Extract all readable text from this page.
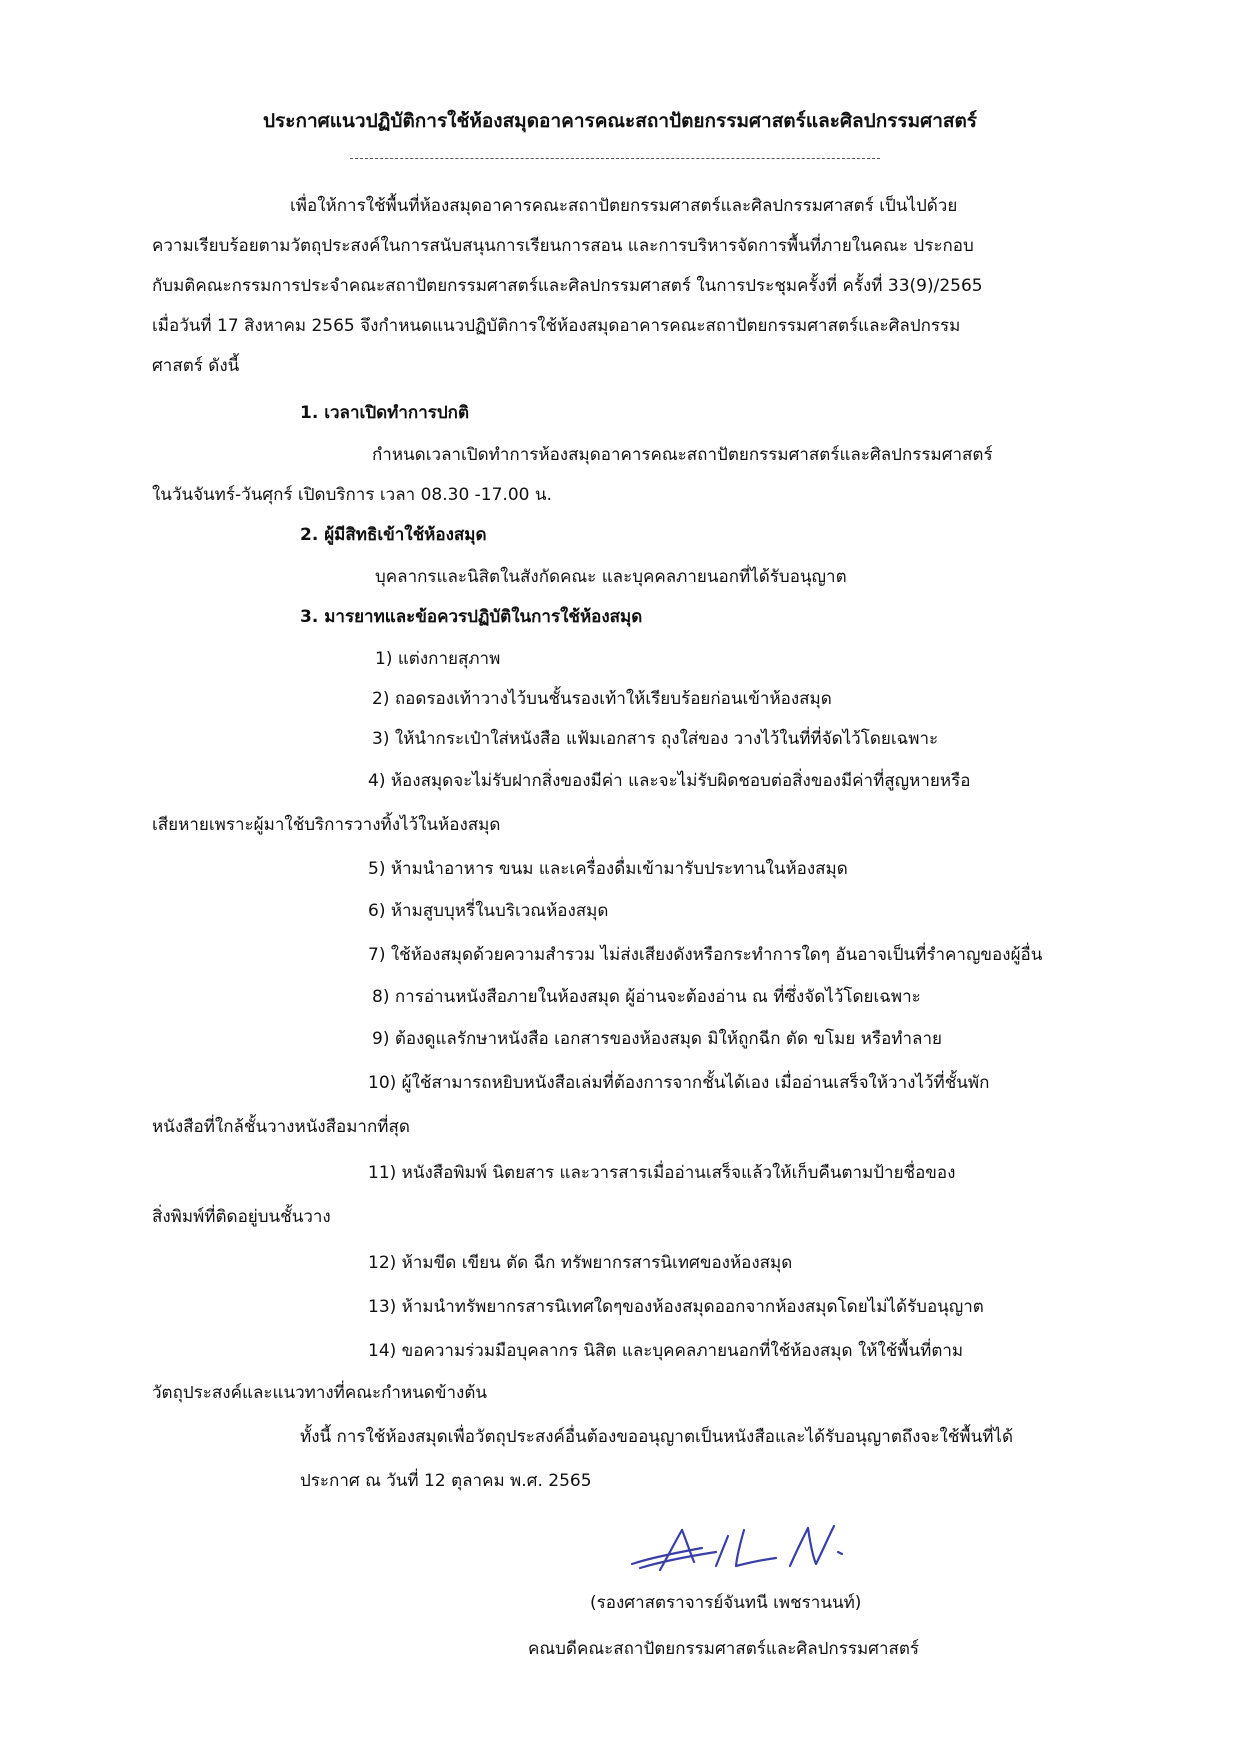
ประกาศแนวปฏิบัติการใช้ห้องสมุดอาคารคณะสถาปัตยกรรมศาสตร์และศิลปกรรมศาสตร์
เพื่อให้การใช้พื้นที่ห้องสมุดอาคารคณะสถาปัตยกรรมศาสตร์และศิลปกรรมศาสตร์ เป็นไปด้วย
ความเรียบร้อยตามวัตถุประสงค์ในการสนับสนุนการเรียนการสอน และการบริหารจัดการพื้นที่ภายในคณะ ประกอบ
กับมติคณะกรรมการประจำคณะสถาปัตยกรรมศาสตร์และศิลปกรรมศาสตร์ ในการประชุมครั้งที่ ครั้งที่ 33(9)/2565
เมื่อวันที่ 17 สิงหาคม 2565 จึงกำหนดแนวปฏิบัติการใช้ห้องสมุดอาคารคณะสถาปัตยกรรมศาสตร์และศิลปกรรม
ศาสตร์ ดังนี้
1. เวลาเปิดทำการปกติ
กำหนดเวลาเปิดทำการห้องสมุดอาคารคณะสถาปัตยกรรมศาสตร์และศิลปกรรมศาสตร์
ในวันจันทร์-วันศุกร์ เปิดบริการ เวลา 08.30 -17.00 น.
2. ผู้มีสิทธิเข้าใช้ห้องสมุด
บุคลากรและนิสิตในสังกัดคณะ และบุคคลภายนอกที่ได้รับอนุญาต
3. มารยาทและข้อควรปฏิบัติในการใช้ห้องสมุด
1) แต่งกายสุภาพ
2) ถอดรองเท้าวางไว้บนชั้นรองเท้าให้เรียบร้อยก่อนเข้าห้องสมุด
3) ให้นำกระเป๋าใส่หนังสือ แฟ้มเอกสาร ถุงใส่ของ วางไว้ในที่ที่จัดไว้โดยเฉพาะ
4) ห้องสมุดจะไม่รับฝากสิ่งของมีค่า และจะไม่รับผิดชอบต่อสิ่งของมีค่าที่สูญหายหรือ
เสียหายเพราะผู้มาใช้บริการวางทิ้งไว้ในห้องสมุด
5) ห้ามนำอาหาร ขนม และเครื่องดื่มเข้ามารับประทานในห้องสมุด
6) ห้ามสูบบุหรี่ในบริเวณห้องสมุด
7) ใช้ห้องสมุดด้วยความสำรวม ไม่ส่งเสียงดังหรือกระทำการใดๆ อันอาจเป็นที่รำคาญของผู้อื่น
8) การอ่านหนังสือภายในห้องสมุด ผู้อ่านจะต้องอ่าน ณ ที่ซึ่งจัดไว้โดยเฉพาะ
9) ต้องดูแลรักษาหนังสือ เอกสารของห้องสมุด มิให้ถูกฉีก ตัด ขโมย หรือทำลาย
10) ผู้ใช้สามารถหยิบหนังสือเล่มที่ต้องการจากชั้นได้เอง เมื่ออ่านเสร็จให้วางไว้ที่ชั้นพัก
หนังสือที่ใกล้ชั้นวางหนังสือมากที่สุด
11) หนังสือพิมพ์ นิตยสาร และวารสารเมื่ออ่านเสร็จแล้วให้เก็บคืนตามป้ายชื่อของ
สิ่งพิมพ์ที่ติดอยู่บนชั้นวาง
12) ห้ามขีด เขียน ตัด ฉีก ทรัพยากรสารนิเทศของห้องสมุด
13) ห้ามนำทรัพยากรสารนิเทศใดๆของห้องสมุดออกจากห้องสมุดโดยไม่ได้รับอนุญาต
14) ขอความร่วมมือบุคลากร นิสิต และบุคคลภายนอกที่ใช้ห้องสมุด ให้ใช้พื้นที่ตาม
วัตถุประสงค์และแนวทางที่คณะกำหนดข้างต้น
ทั้งนี้ การใช้ห้องสมุดเพื่อวัตถุประสงค์อื่นต้องขออนุญาตเป็นหนังสือและได้รับอนุญาตถึงจะใช้พื้นที่ได้
ประกาศ ณ วันที่ 12 ตุลาคม พ.ศ. 2565
(รองศาสตราจารย์จันทนี เพชรานนท์)
คณบดีคณะสถาปัตยกรรมศาสตร์และศิลปกรรมศาสตร์
